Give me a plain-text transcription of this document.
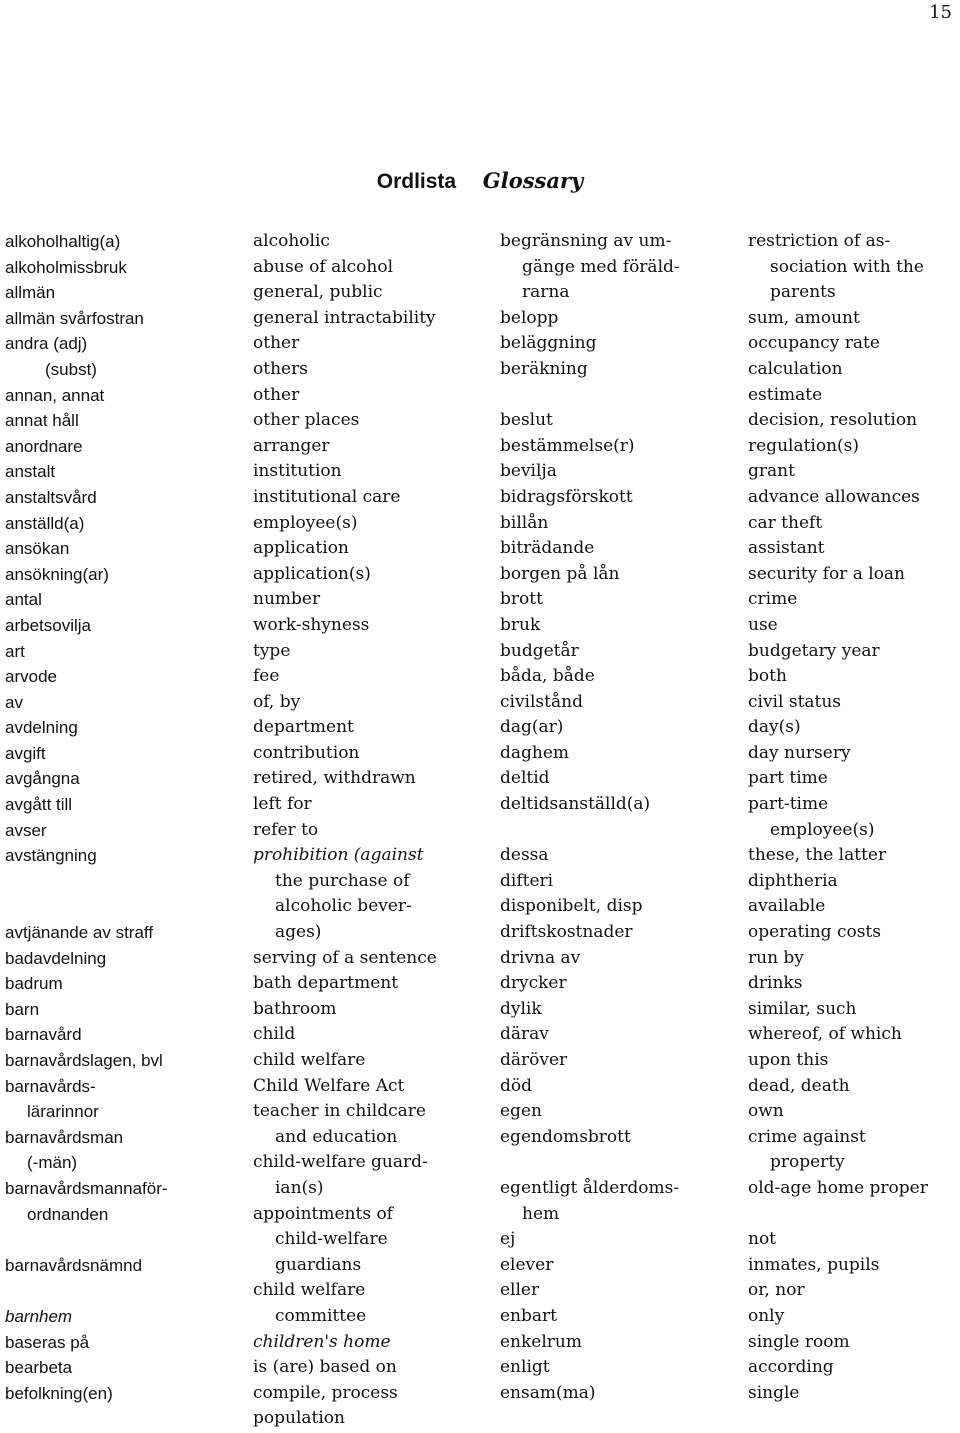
15
Ordlista Glossary
alkoholhaltig(a)
alkoholmissbruk
allmän
allmän svårfostran
andra (adj)
(subst)
annan, annat
annat håll
anordnare
anstalt
anstaltsvård
anställd(a)
ansökan
ansökning(ar)
antal
arbetsovilja
art
arvode
av
avdelning
avgift
avgångna
avgått till
avser
avstängning
avtjänande av straff
badavdelning
badrum
barn
barnavård
barnavårdslagen, bvl
barnavårds-
lärarinnor
barnavårdsman
(-män)
barnavårdsmannaför-
ordnanden
barnavårdsnämnd
barnhem
baseras på
bearbeta
befolkning(en)
alcoholic
abuse of alcohol
general, public
general intractability
other
others
other
other places
arranger
institution
institutional care
employee(s)
application
application(s)
number
work-shyness
type
fee
of, by
department
contribution
retired, withdrawn
left for
refer to
prohibition (against
the purchase of
alcoholic bever-
ages)
serving of a sentence
bath department
bathroom
child
child welfare
Child Welfare Act
teacher in childcare
and education
child-welfare guard-
ian(s)
appointments of
child-welfare
guardians
child welfare
committee
children's home
is (are) based on
compile, process
population
begränsning av um-
gänge med föräld-
rarna
belopp
beläggning
beräkning
beslut
bestämmelse(r)
bevilja
bidragsförskott
billån
biträdande
borgen på lån
brott
bruk
budgetår
båda, både
civilstånd
dag(ar)
daghem
deltid
deltidsanställd(a)
dessa
difteri
disponibelt, disp
driftskostnader
drivna av
drycker
dylik
därav
däröver
död
egen
egendomsbrott
egentligt ålderdoms-
hem
ej
elever
eller
enbart
enkelrum
enligt
ensam(ma)
restriction of as-
sociation with the
parents
sum, amount
occupancy rate
calculation
estimate
decision, resolution
regulation(s)
grant
advance allowances
car theft
assistant
security for a loan
crime
use
budgetary year
both
civil status
day(s)
day nursery
part time
part-time
employee(s)
these, the latter
diphtheria
available
operating costs
run by
drinks
similar, such
whereof, of which
upon this
dead, death
own
crime against
property
old-age home proper
not
inmates, pupils
or, nor
only
single room
according
single
